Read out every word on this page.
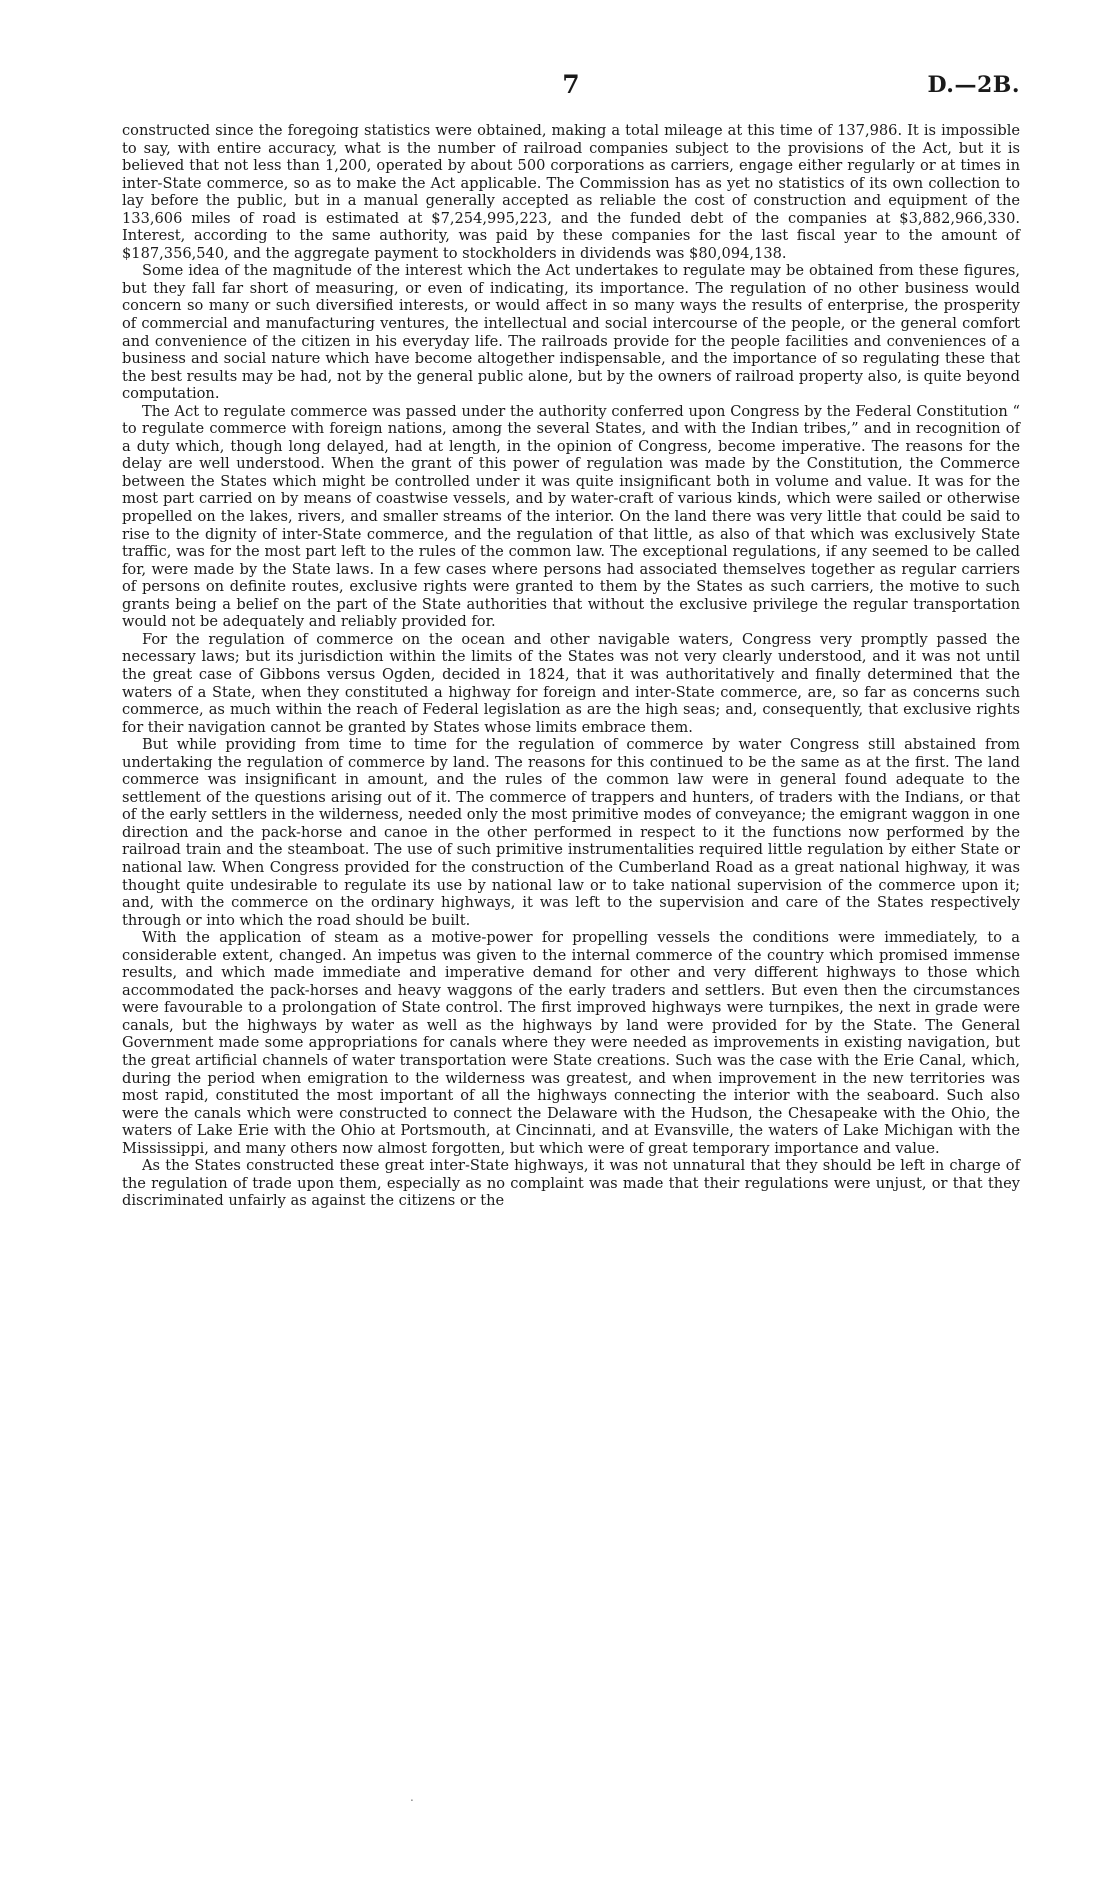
7	D.—2B.

constructed since the foregoing statistics were obtained, making a total mileage at this time of 137,986. It is impossible to say, with entire accuracy, what is the number of railroad companies subject to the provisions of the Act, but it is believed that not less than 1,200, operated by about 500 corporations as carriers, engage either regularly or at times in inter-State commerce, so as to make the Act applicable. The Commission has as yet no statistics of its own collection to lay before the public, but in a manual generally accepted as reliable the cost of construction and equipment of the 133,606 miles of road is estimated at $7,254,995,223, and the funded debt of the companies at $3,882,966,330. Interest, according to the same authority, was paid by these companies for the last fiscal year to the amount of $187,356,540, and the aggregate payment to stockholders in dividends was $80,094,138.

Some idea of the magnitude of the interest which the Act undertakes to regulate may be obtained from these figures, but they fall far short of measuring, or even of indicating, its importance. The regulation of no other business would concern so many or such diversified interests, or would affect in so many ways the results of enterprise, the prosperity of commercial and manufacturing ventures, the intellectual and social intercourse of the people, or the general comfort and convenience of the citizen in his everyday life. The railroads provide for the people facilities and conveniences of a business and social nature which have become altogether indispensable, and the importance of so regulating these that the best results may be had, not by the general public alone, but by the owners of railroad property also, is quite beyond computation.

The Act to regulate commerce was passed under the authority conferred upon Congress by the Federal Constitution “ to regulate commerce with foreign nations, among the several States, and with the Indian tribes,” and in recognition of a duty which, though long delayed, had at length, in the opinion of Congress, become imperative. The reasons for the delay are well understood. When the grant of this power of regulation was made by the Constitution, the Commerce between the States which might be controlled under it was quite insignificant both in volume and value. It was for the most part carried on by means of coastwise vessels, and by water-craft of various kinds, which were sailed or otherwise propelled on the lakes, rivers, and smaller streams of the interior. On the land there was very little that could be said to rise to the dignity of inter-State commerce, and the regulation of that little, as also of that which was exclusively State traffic, was for the most part left to the rules of the common law. The exceptional regulations, if any seemed to be called for, were made by the State laws. In a few cases where persons had associated themselves together as regular carriers of persons on definite routes, exclusive rights were granted to them by the States as such carriers, the motive to such grants being a belief on the part of the State authorities that without the exclusive privilege the regular transportation would not be adequately and reliably provided for.

For the regulation of commerce on the ocean and other navigable waters, Congress very promptly passed the necessary laws; but its jurisdiction within the limits of the States was not very clearly understood, and it was not until the great case of Gibbons versus Ogden, decided in 1824, that it was authoritatively and finally determined that the waters of a State, when they constituted a highway for foreign and inter-State commerce, are, so far as concerns such commerce, as much within the reach of Federal legislation as are the high seas; and, consequently, that exclusive rights for their navigation cannot be granted by States whose limits embrace them.

But while providing from time to time for the regulation of commerce by water Congress still abstained from undertaking the regulation of commerce by land. The reasons for this continued to be the same as at the first. The land commerce was insignificant in amount, and the rules of the common law were in general found adequate to the settlement of the questions arising out of it. The commerce of trappers and hunters, of traders with the Indians, or that of the early settlers in the wilderness, needed only the most primitive modes of conveyance; the emigrant waggon in one direction and the pack-horse and canoe in the other performed in respect to it the functions now performed by the railroad train and the steamboat. The use of such primitive instrumentalities required little regulation by either State or national law. When Congress provided for the construction of the Cumberland Road as a great national highway, it was thought quite undesirable to regulate its use by national law or to take national supervision of the commerce upon it; and, with the commerce on the ordinary highways, it was left to the supervision and care of the States respectively through or into which the road should be built.

With the application of steam as a motive-power for propelling vessels the conditions were immediately, to a considerable extent, changed. An impetus was given to the internal commerce of the country which promised immense results, and which made immediate and imperative demand for other and very different highways to those which accommodated the pack-horses and heavy waggons of the early traders and settlers. But even then the circumstances were favourable to a prolongation of State control. The first improved highways were turnpikes, the next in grade were canals, but the highways by water as well as the highways by land were provided for by the State. The General Government made some appropriations for canals where they were needed as improvements in existing navigation, but the great artificial channels of water transportation were State creations. Such was the case with the Erie Canal, which, during the period when emigration to the wilderness was greatest, and when improvement in the new territories was most rapid, constituted the most important of all the highways connecting the interior with the seaboard. Such also were the canals which were constructed to connect the Delaware with the Hudson, the Chesapeake with the Ohio, the waters of Lake Erie with the Ohio at Portsmouth, at Cincinnati, and at Evansville, the waters of Lake Michigan with the Mississippi, and many others now almost forgotten, but which were of great temporary importance and value.

As the States constructed these great inter-State highways, it was not unnatural that they should be left in charge of the regulation of trade upon them, especially as no complaint was made that their regulations were unjust, or that they discriminated unfairly as against the citizens or the

.
